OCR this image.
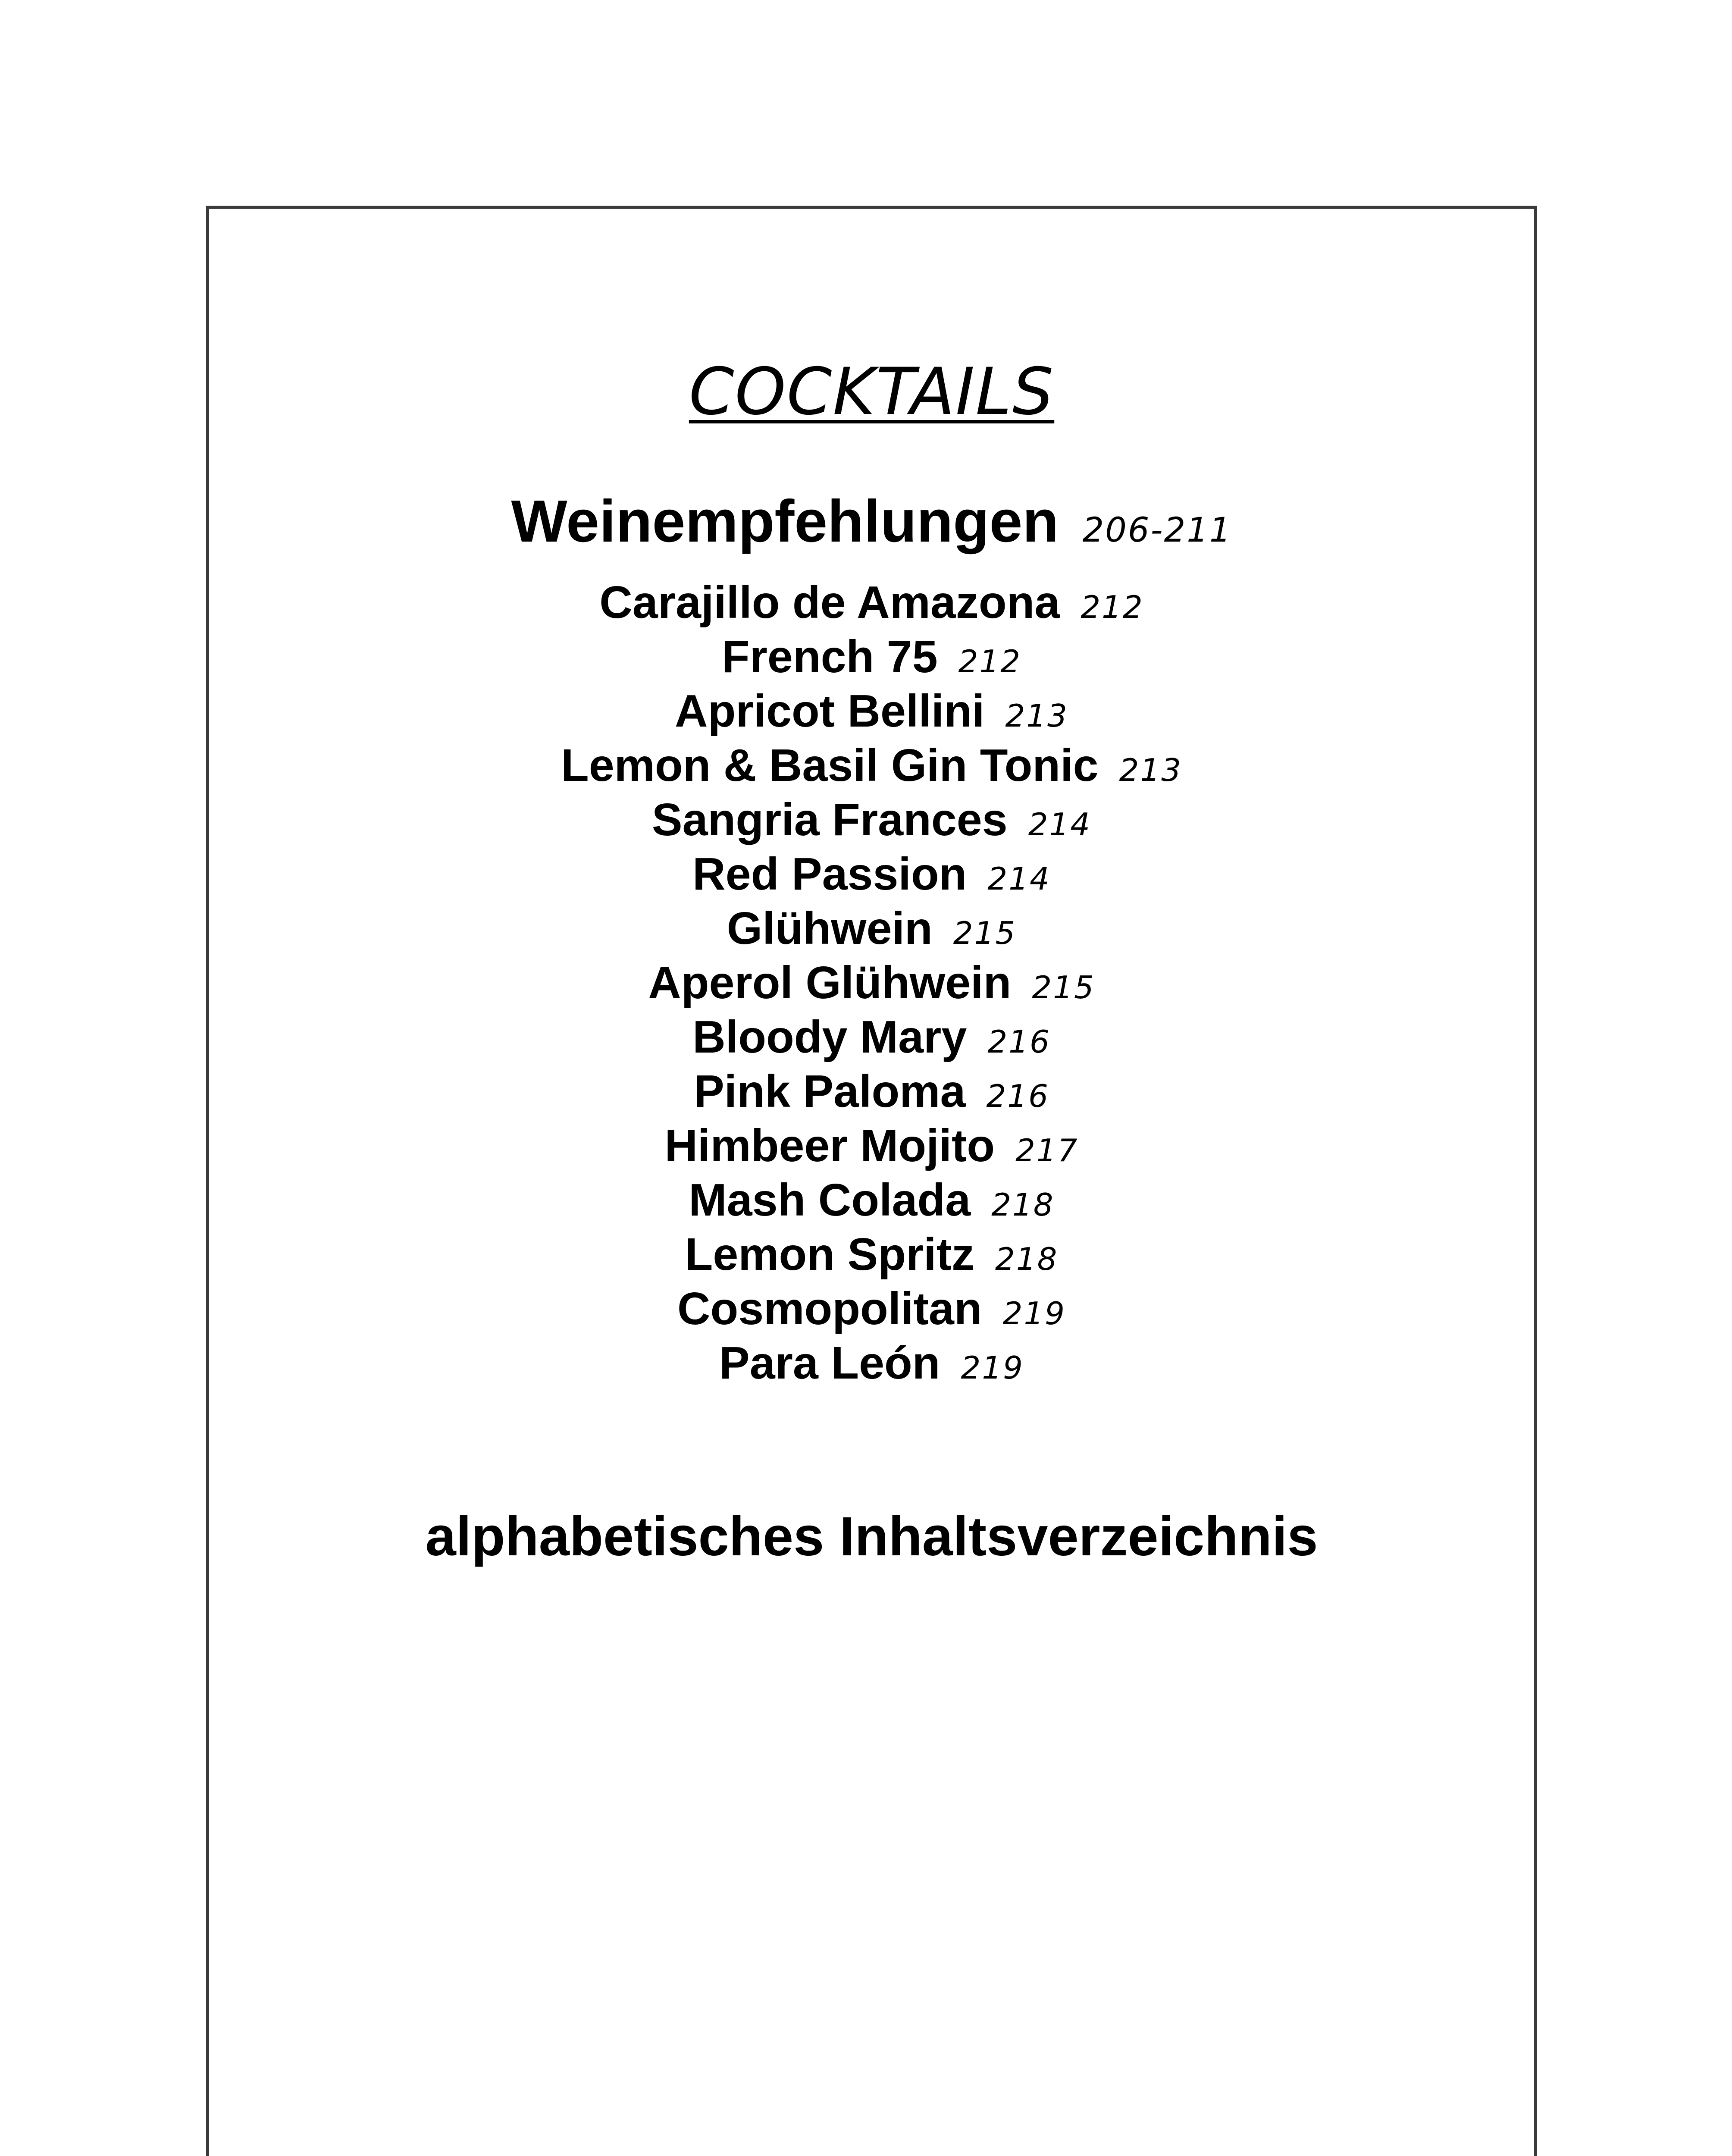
COCKTAILS
Weinempfehlungen 206-211
Carajillo de Amazona 212
French 75 212
Apricot Bellini 213
Lemon & Basil Gin Tonic 213
Sangria Frances 214
Red Passion 214
Glühwein 215
Aperol Glühwein 215
Bloody Mary 216
Pink Paloma 216
Himbeer Mojito 217
Mash Colada 218
Lemon Spritz 218
Cosmopolitan 219
Para León 219
alphabetisches Inhaltsverzeichnis
